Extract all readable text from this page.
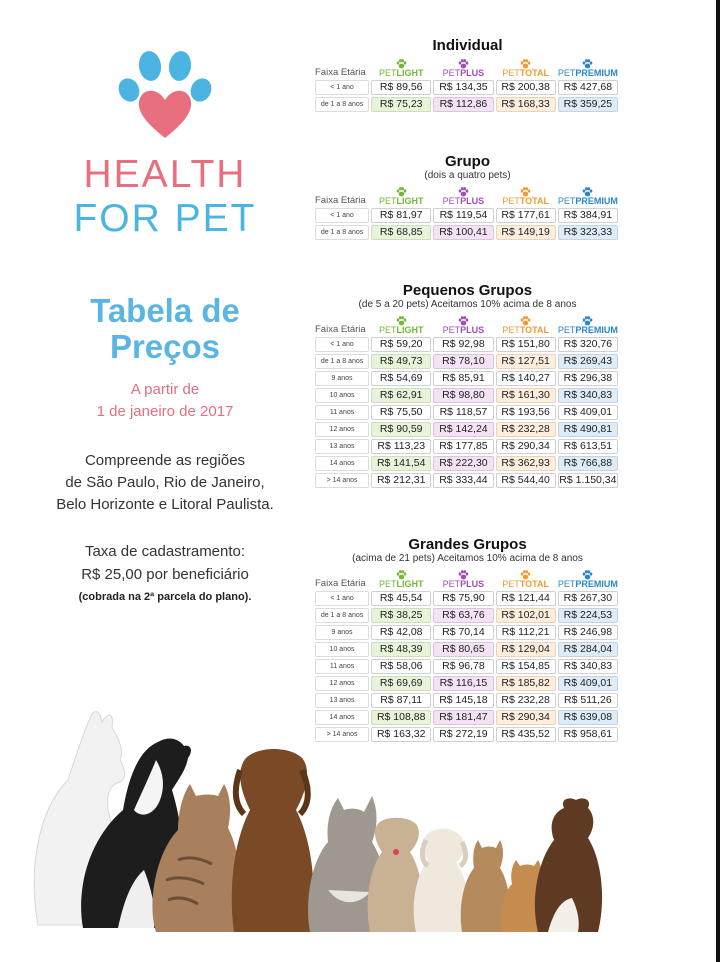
HEALTH
FOR PET
Tabela de
Preços
A partir de
1 de janeiro de 2017
Compreende as regiões
de São Paulo, Rio de Janeiro,
Belo Horizonte e Litoral Paulista.
Taxa de cadastramento:
R$ 25,00 por beneficiário
(cobrada na 2ª parcela do plano).
Individual
Faixa Etária	PETLIGHT	PETPLUS	PETTOTAL	PETPREMIUM

< 1 ano	R$ 89,56	R$ 134,35	R$ 200,38	R$ 427,68
de 1 a 8 anos	R$ 75,23	R$ 112,86	R$ 168,33	R$ 359,25
Grupo
(dois a quatro pets)
Faixa Etária	PETLIGHT	PETPLUS	PETTOTAL	PETPREMIUM

< 1 ano	R$ 81,97	R$ 119,54	R$ 177,61	R$ 384,91
de 1 a 8 anos	R$ 68,85	R$ 100,41	R$ 149,19	R$ 323,33
Pequenos Grupos
(de 5 a 20 pets) Aceitamos 10% acima de 8 anos
Faixa Etária	PETLIGHT	PETPLUS	PETTOTAL	PETPREMIUM

< 1 ano	R$ 59,20	R$ 92,98	R$ 151,80	R$ 320,76
de 1 a 8 anos	R$ 49,73	R$ 78,10	R$ 127,51	R$ 269,43
9 anos	R$ 54,69	R$ 85,91	R$ 140,27	R$ 296,38
10 anos	R$ 62,91	R$ 98,80	R$ 161,30	R$ 340,83
11 anos	R$ 75,50	R$ 118,57	R$ 193,56	R$ 409,01
12 anos	R$ 90,59	R$ 142,24	R$ 232,28	R$ 490,81
13 anos	R$ 113,23	R$ 177,85	R$ 290,34	R$ 613,51
14 anos	R$ 141,54	R$ 222,30	R$ 362,93	R$ 766,88
> 14 anos	R$ 212,31	R$ 333,44	R$ 544,40	R$ 1.150,34
Grandes Grupos
(acima de 21 pets) Aceitamos 10% acima de 8 anos
Faixa Etária	PETLIGHT	PETPLUS	PETTOTAL	PETPREMIUM

< 1 ano	R$ 45,54	R$ 75,90	R$ 121,44	R$ 267,30
de 1 a 8 anos	R$ 38,25	R$ 63,76	R$ 102,01	R$ 224,53
9 anos	R$ 42,08	R$ 70,14	R$ 112,21	R$ 246,98
10 anos	R$ 48,39	R$ 80,65	R$ 129,04	R$ 284,04
11 anos	R$ 58,06	R$ 96,78	R$ 154,85	R$ 340,83
12 anos	R$ 69,69	R$ 116,15	R$ 185,82	R$ 409,01
13 anos	R$ 87,11	R$ 145,18	R$ 232,28	R$ 511,26
14 anos	R$ 108,88	R$ 181,47	R$ 290,34	R$ 639,08
> 14 anos	R$ 163,32	R$ 272,19	R$ 435,52	R$ 958,61
